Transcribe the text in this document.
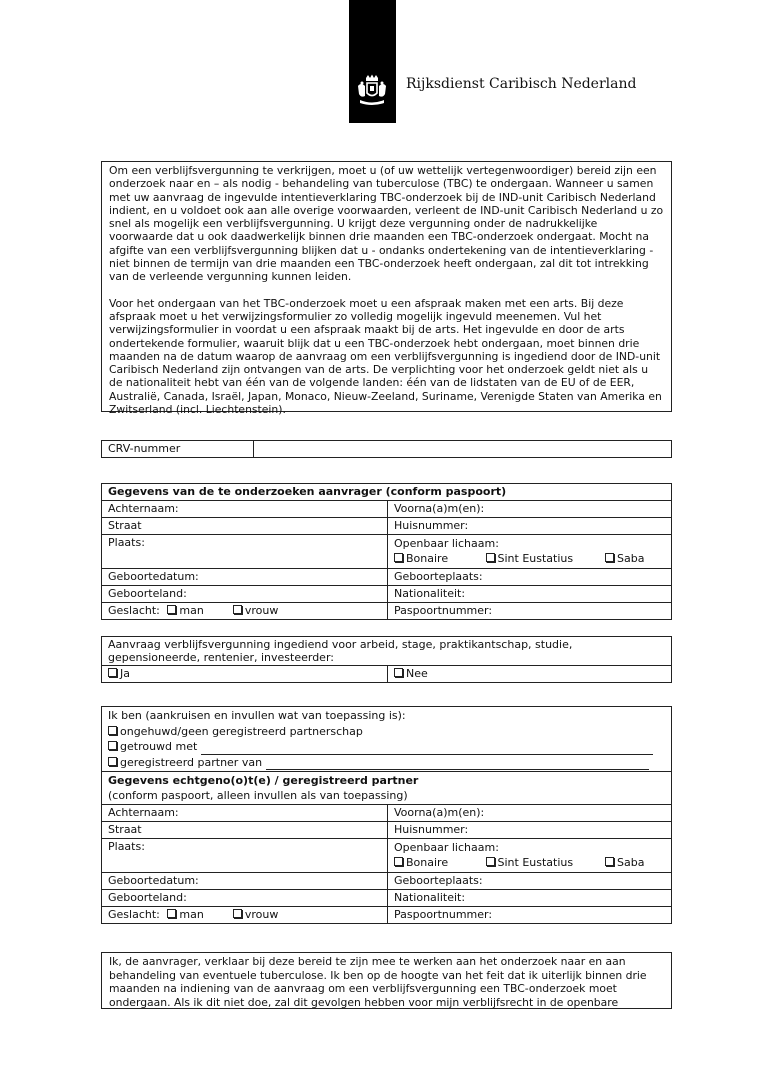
Rijksdienst Caribisch Nederland

Om een verblijfsvergunning te verkrijgen, moet u (of uw wettelijk vertegenwoordiger) bereid zijn een onderzoek naar en – als nodig - behandeling van tuberculose (TBC) te ondergaan. Wanneer u samen met uw aanvraag de ingevulde intentieverklaring TBC-onderzoek bij de IND-unit Caribisch Nederland indient, en u voldoet ook aan alle overige voorwaarden, verleent de IND-unit Caribisch Nederland u zo snel als mogelijk een verblijfsvergunning. U krijgt deze vergunning onder de nadrukkelijke voorwaarde dat u ook daadwerkelijk binnen drie maanden een TBC-onderzoek ondergaat. Mocht na afgifte van een verblijfsvergunning blijken dat u - ondanks ondertekening van de intentieverklaring - niet binnen de termijn van drie maanden een TBC-onderzoek heeft ondergaan, zal dit tot intrekking van de verleende vergunning kunnen leiden.

Voor het ondergaan van het TBC-onderzoek moet u een afspraak maken met een arts. Bij deze afspraak moet u het verwijzingsformulier zo volledig mogelijk ingevuld meenemen. Vul het verwijzingsformulier in voordat u een afspraak maakt bij de arts. Het ingevulde en door de arts ondertekende formulier, waaruit blijk dat u een TBC-onderzoek hebt ondergaan, moet binnen drie maanden na de datum waarop de aanvraag om een verblijfsvergunning is ingediend door de IND-unit Caribisch Nederland zijn ontvangen van de arts. De verplichting voor het onderzoek geldt niet als u de nationaliteit hebt van één van de volgende landen: één van de lidstaten van de EU of de EER, Australië, Canada, Israël, Japan, Monaco, Nieuw-Zeeland, Suriname, Verenigde Staten van Amerika en Zwitserland (incl. Liechtenstein).

CRV-nummer	
Gegevens van de te onderzoeken aanvrager (conform paspoort)	
Achternaam:	Voorna(a)m(en):
Straat	Huisnummer:
Plaats:	Openbaar lichaam:
Bonaire Sint Eustatius Saba

Geboortedatum:	Geboorteplaats:
Geboorteland:	Nationaliteit:
Geslacht: man vrouw	Paspoortnummer:
Aanvraag verblijfsvergunning ingediend voor arbeid, stage, praktikantschap, studie, gepensioneerde, rentenier, investeerder:
Ja	Nee
Ik ben (aankruisen en invullen wat van toepassing is):
ongehuwd/geen geregistreerd partnerschap
getrouwd met
geregistreerd partner van	

Gegevens echtgeno(o)t(e) / geregistreerd partner
(conform paspoort, alleen invullen als van toepassing)	

Achternaam:	Voorna(a)m(en):
Straat	Huisnummer:
Plaats:	Openbaar lichaam:
Bonaire Sint Eustatius Saba

Geboortedatum:	Geboorteplaats:
Geboorteland:	Nationaliteit:
Geslacht: man vrouw	Paspoortnummer:

Ik, de aanvrager, verklaar bij deze bereid te zijn mee te werken aan het onderzoek naar en aan behandeling van eventuele tuberculose. Ik ben op de hoogte van het feit dat ik uiterlijk binnen drie maanden na indiening van de aanvraag om een verblijfsvergunning een TBC-onderzoek moet ondergaan. Als ik dit niet doe, zal dit gevolgen hebben voor mijn verblijfsrecht in de openbare
